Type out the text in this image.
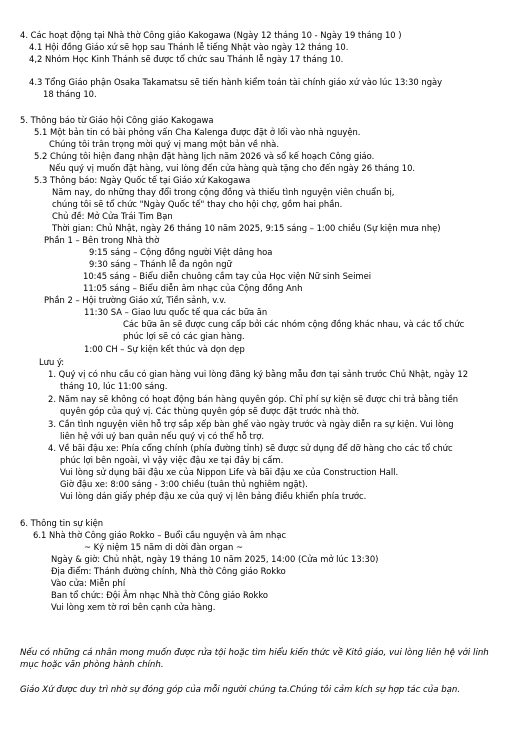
4. Các hoạt động tại Nhà thờ Công giáo Kakogawa (Ngày 12 tháng 10 - Ngày 19 tháng 10 )
4.1 Hội đồng Giáo xứ sẽ họp sau Thánh lễ tiếng Nhật vào ngày 12 tháng 10.
4,2 Nhóm Học Kinh Thánh sẽ được tổ chức sau Thánh lễ ngày 17 tháng 10.
4.3 Tổng Giáo phận Osaka Takamatsu sẽ tiến hành kiểm toán tài chính giáo xứ vào lúc 13:30 ngày
18 tháng 10.
5. Thông báo từ Giáo hội Công giáo Kakogawa
5.1 Một bản tin có bài phỏng vấn Cha Kalenga được đặt ở lối vào nhà nguyện.
Chúng tôi trân trọng mời quý vị mang một bản về nhà.
5.2 Chúng tôi hiện đang nhận đặt hàng lịch năm 2026 và sổ kế hoạch Công giáo.
Nếu quý vị muốn đặt hàng, vui lòng đến cửa hàng quà tặng cho đến ngày 26 tháng 10.
5.3 Thông báo: Ngày Quốc tế tại Giáo xứ Kakogawa
Năm nay, do những thay đổi trong cộng đồng và thiếu tình nguyện viên chuẩn bị,
chúng tôi sẽ tổ chức "Ngày Quốc tế" thay cho hội chợ, gồm hai phần.
Chủ đề: Mở Cửa Trái Tim Bạn
Thời gian: Chủ Nhật, ngày 26 tháng 10 năm 2025, 9:15 sáng – 1:00 chiều (Sự kiện mưa nhẹ)
Phần 1 – Bên trong Nhà thờ
9:15 sáng – Cộng đồng người Việt dâng hoa
9:30 sáng – Thánh lễ đa ngôn ngữ
10:45 sáng – Biểu diễn chuông cầm tay của Học viện Nữ sinh Seimei
11:05 sáng – Biểu diễn âm nhạc của Cộng đồng Anh
Phần 2 – Hội trường Giáo xứ, Tiền sảnh, v.v.
11:30 SA – Giao lưu quốc tế qua các bữa ăn
Các bữa ăn sẽ được cung cấp bởi các nhóm cộng đồng khác nhau, và các tổ chức
phúc lợi sẽ có các gian hàng.
1:00 CH – Sự kiện kết thúc và dọn dẹp
Lưu ý:
1. Quý vị có nhu cầu có gian hàng vui lòng đăng ký bằng mẫu đơn tại sảnh trước Chủ Nhật, ngày 12
tháng 10, lúc 11:00 sáng.
2. Năm nay sẽ không có hoạt động bán hàng quyên góp. Chỉ phí sự kiện sẽ được chi trả bằng tiền
quyên góp của quý vị. Các thùng quyên góp sẽ được đặt trước nhà thờ.
3. Cần tình nguyện viên hỗ trợ sắp xếp bàn ghế vào ngày trước và ngày diễn ra sự kiện. Vui lòng
liên hệ với uỷ ban quản nếu quý vị có thể hỗ trợ.
4. Về bãi đậu xe: Phía cổng chính (phía đường tỉnh) sẽ được sử dụng để dỡ hàng cho các tổ chức
phúc lợi bên ngoài, vì vậy việc đậu xe tại đây bị cấm.
Vui lòng sử dụng bãi đậu xe của Nippon Life và bãi đậu xe của Construction Hall.
Giờ đậu xe: 8:00 sáng - 3:00 chiều (tuân thủ nghiêm ngặt).
Vui lòng dán giấy phép đậu xe của quý vị lên bảng điều khiển phía trước.
6. Thông tin sự kiện
6.1 Nhà thờ Công giáo Rokko – Buổi cầu nguyện và âm nhạc
~ Kỷ niệm 15 năm di dời đàn organ ~
Ngày & giờ: Chủ nhật, ngày 19 tháng 10 năm 2025, 14:00 (Cửa mở lúc 13:30)
Địa điểm: Thánh đường chính, Nhà thờ Công giáo Rokko
Vào cửa: Miễn phí
Ban tổ chức: Đội Âm nhạc Nhà thờ Công giáo Rokko
Vui lòng xem tờ rơi bên cạnh cửa hàng.
Nếu có những cá nhân mong muốn được rửa tội hoặc tìm hiểu kiến thức về Kitô giáo, vui lòng liên hệ với linh
mục hoặc văn phòng hành chính.
Giáo Xứ được duy trì nhờ sự đóng góp của mỗi người chúng ta.Chúng tôi cảm kích sự hợp tác của bạn.
